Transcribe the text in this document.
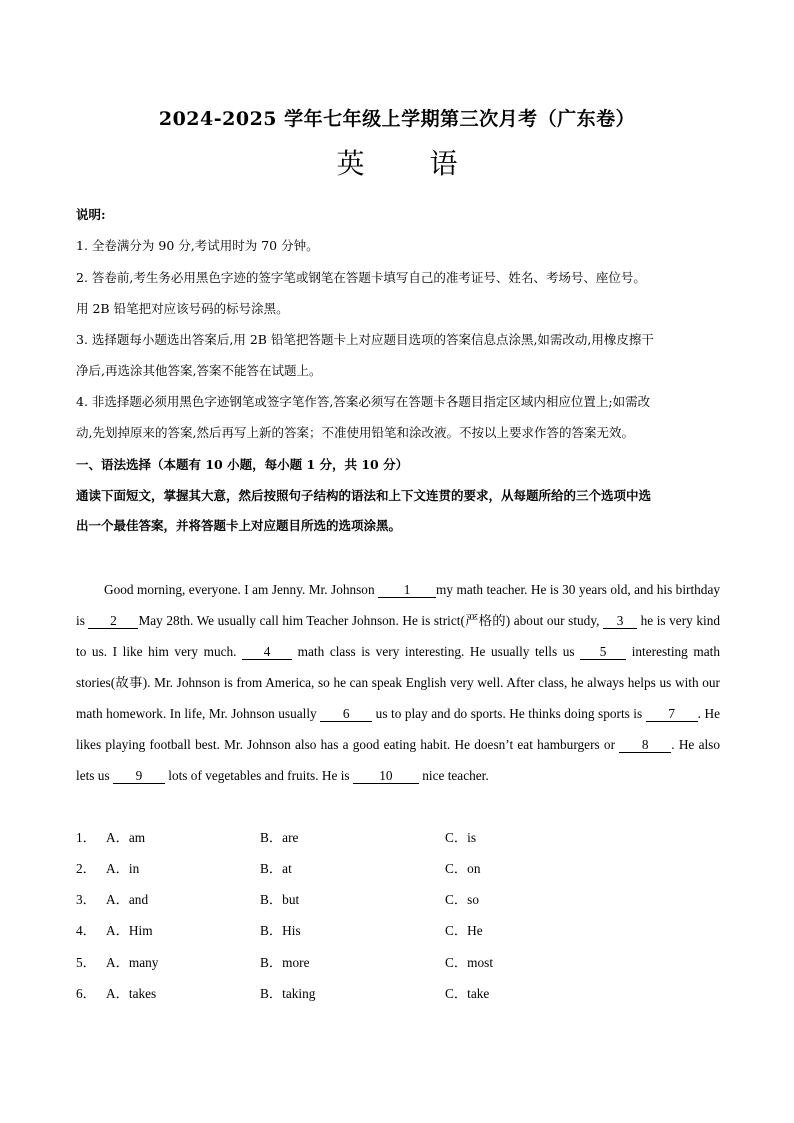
2024-2025 学年七年级上学期第三次月考（广东卷）
英 语
说明:
1. 全卷满分为 90 分,考试用时为 70 分钟。
2. 答卷前,考生务必用黑色字迹的签字笔或钢笔在答题卡填写自己的准考证号、姓名、考场号、座位号。
用 2B 铅笔把对应该号码的标号涂黑。
3. 选择题每小题选出答案后,用 2B 铅笔把答题卡上对应题目选项的答案信息点涂黑,如需改动,用橡皮擦干
净后,再选涂其他答案,答案不能答在试题上。
4. 非选择题必须用黑色字迹钢笔或签字笔作答,答案必须写在答题卡各题目指定区域内相应位置上;如需改
动,先划掉原来的答案,然后再写上新的答案；不准使用铅笔和涂改液。不按以上要求作答的答案无效。
一、语法选择（本题有 10 小题，每小题 1 分，共 10 分）
通读下面短文，掌握其大意，然后按照句子结构的语法和上下文连贯的要求，从每题所给的三个选项中选
出一个最佳答案，并将答题卡上对应题目所选的选项涂黑。
Good morning, everyone. I am Jenny. Mr. Johnson 1 my math teacher. He is 30 years old, and his birthday is 2 May 28th. We usually call him Teacher Johnson. He is strict(严格的) about our study, 3 he is very kind to us. I like him very much. 4 math class is very interesting. He usually tells us 5 interesting math stories(故事). Mr. Johnson is from America, so he can speak English very well. After class, he always helps us with our math homework. In life, Mr. Johnson usually 6 us to play and do sports. He thinks doing sports is 7 . He likes playing football best. Mr. Johnson also has a good eating habit. He doesn’t eat hamburgers or 8 . He also lets us 9 lots of vegetables and fruits. He is 10 nice teacher.
1． A．am	B．are	C．is
2． A．in	B．at	C．on
3． A．and	B．but	C．so
4． A．Him	B．His	C．He
5． A．many	B．more	C．most
6． A．takes	B．taking	C．take
